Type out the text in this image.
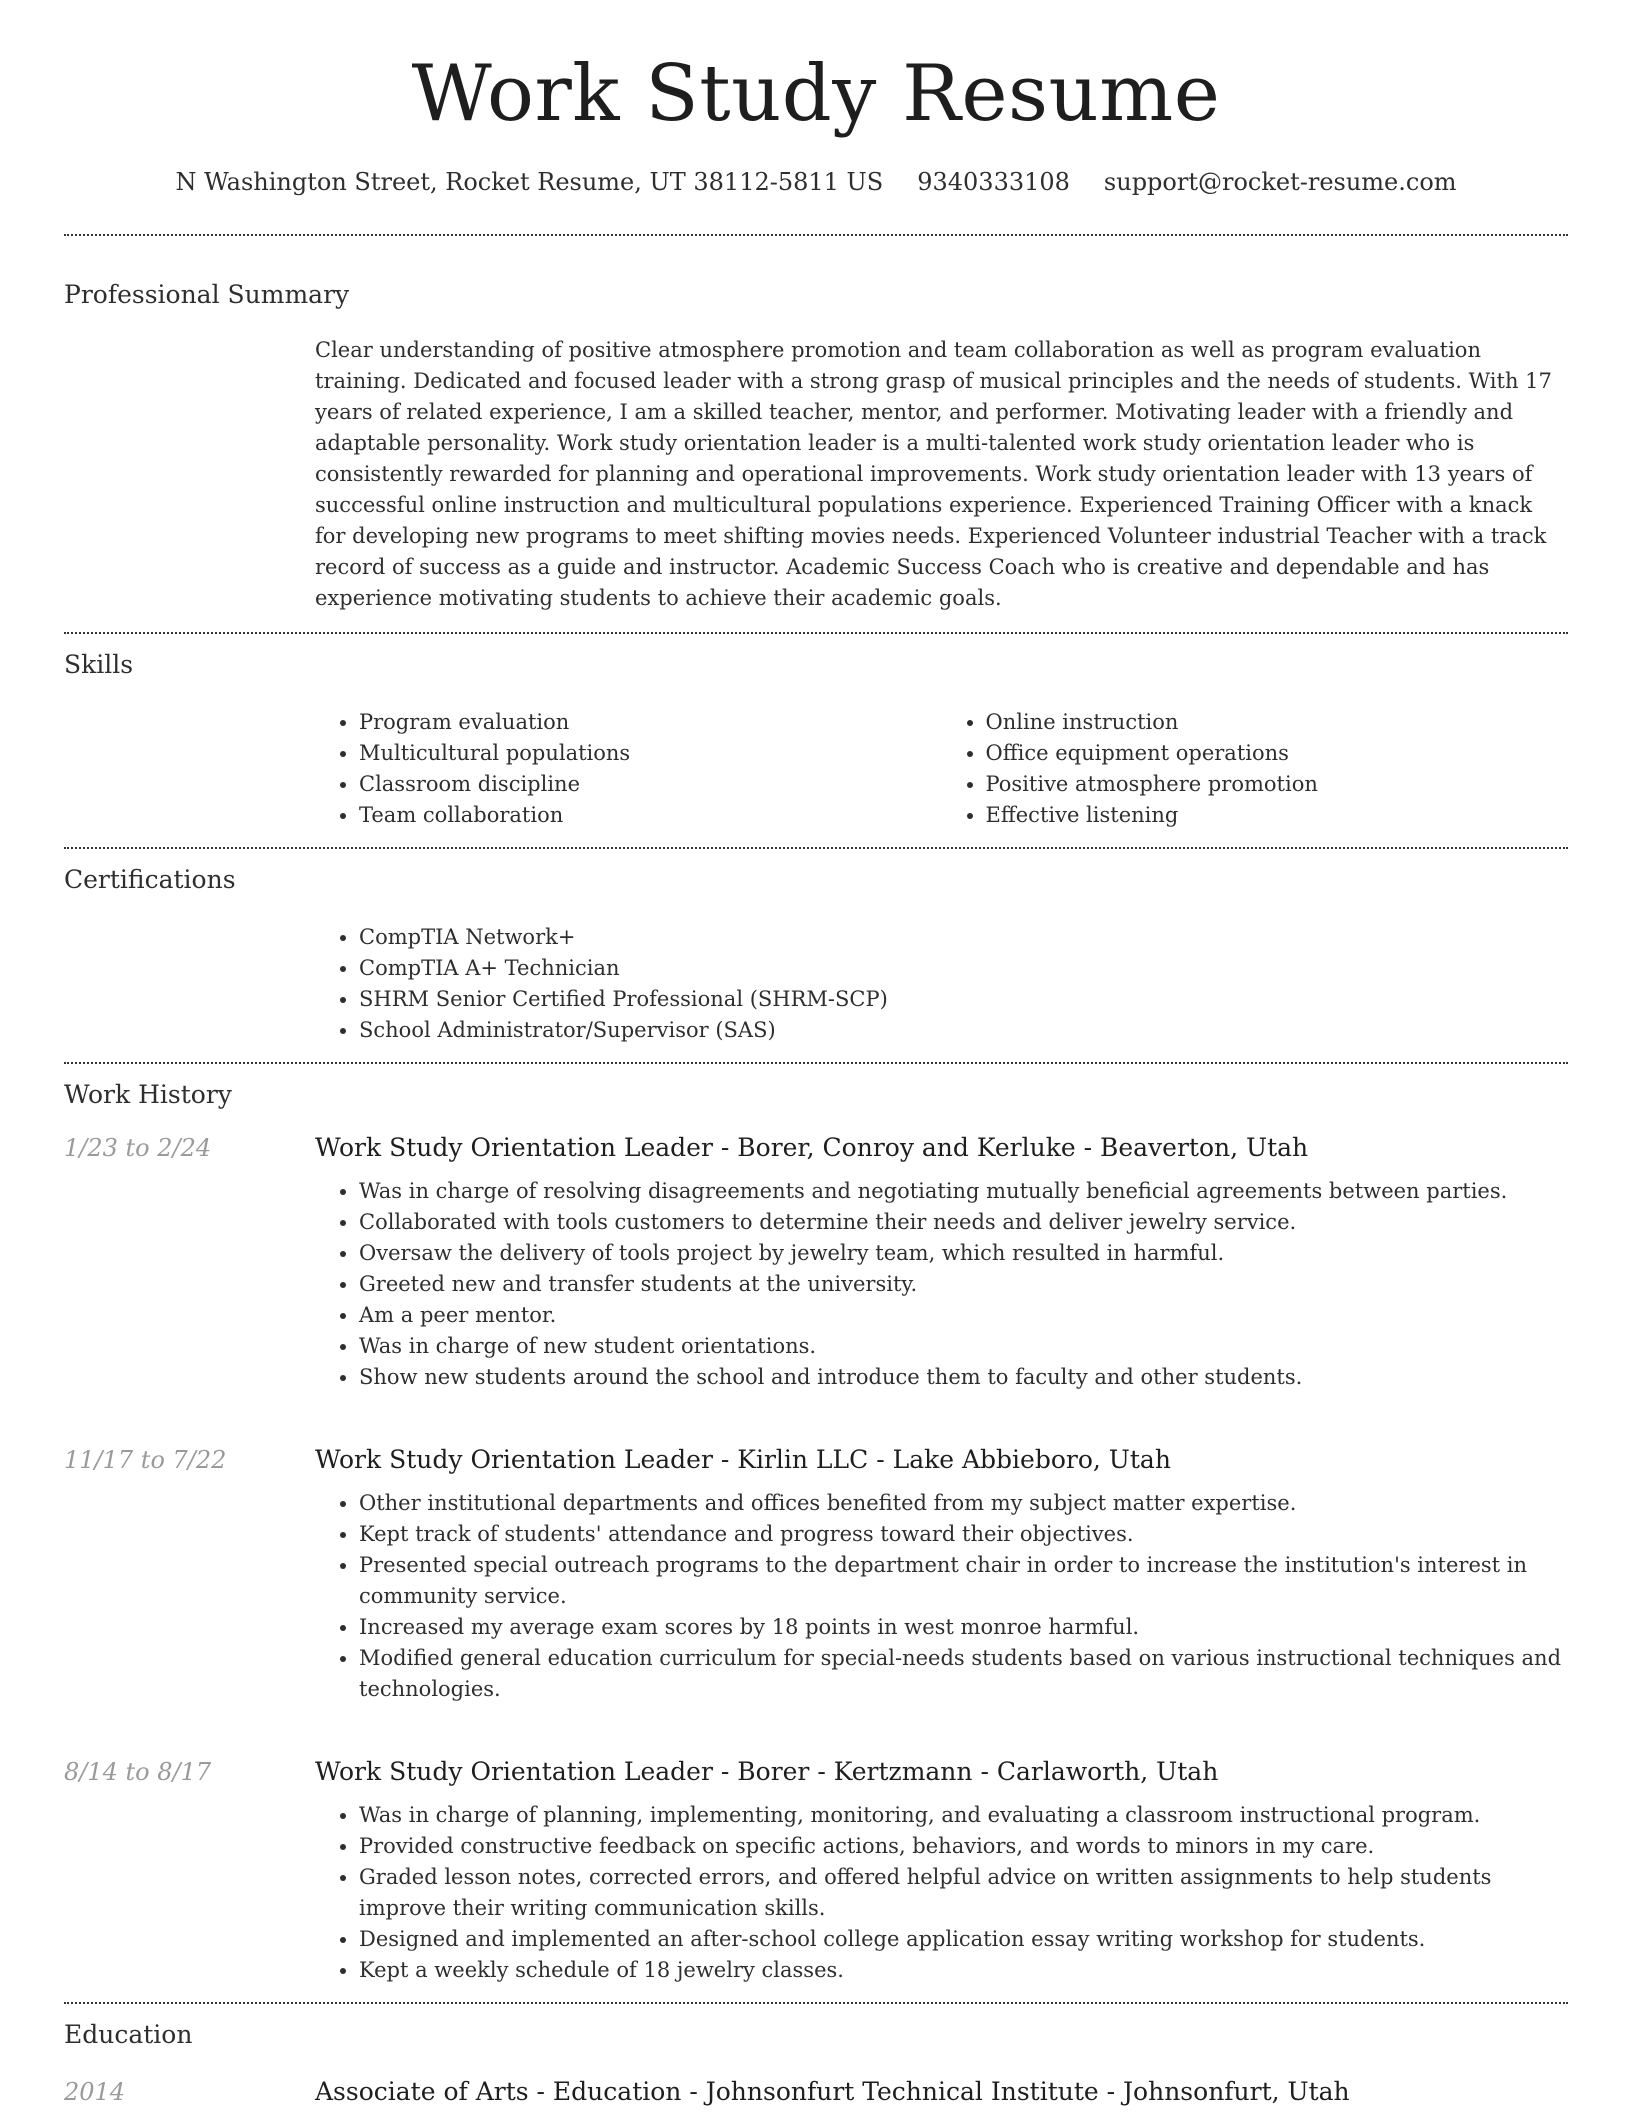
Work Study Resume
N Washington Street, Rocket Resume, UT 38112-5811 US 9340333108 support@rocket-resume.com
Professional Summary
Clear understanding of positive atmosphere promotion and team collaboration as well as program evaluation training. Dedicated and focused leader with a strong grasp of musical principles and the needs of students. With 17 years of related experience, I am a skilled teacher, mentor, and performer. Motivating leader with a friendly and adaptable personality. Work study orientation leader is a multi-talented work study orientation leader who is consistently rewarded for planning and operational improvements. Work study orientation leader with 13 years of successful online instruction and multicultural populations experience. Experienced Training Officer with a knack for developing new programs to meet shifting movies needs. Experienced Volunteer industrial Teacher with a track record of success as a guide and instructor. Academic Success Coach who is creative and dependable and has experience motivating students to achieve their academic goals.
Skills
• Program evaluation
• Multicultural populations
• Classroom discipline
• Team collaboration
• Online instruction
• Office equipment operations
• Positive atmosphere promotion
• Effective listening
Certifications
• CompTIA Network+
• CompTIA A+ Technician
• SHRM Senior Certified Professional (SHRM-SCP)
• School Administrator/Supervisor (SAS)
Work History
1/23 to 2/24	Work Study Orientation Leader - Borer, Conroy and Kerluke - Beaverton, Utah
• Was in charge of resolving disagreements and negotiating mutually beneficial agreements between parties.
• Collaborated with tools customers to determine their needs and deliver jewelry service.
• Oversaw the delivery of tools project by jewelry team, which resulted in harmful.
• Greeted new and transfer students at the university.
• Am a peer mentor.
• Was in charge of new student orientations.
• Show new students around the school and introduce them to faculty and other students.
11/17 to 7/22	Work Study Orientation Leader - Kirlin LLC - Lake Abbieboro, Utah
• Other institutional departments and offices benefited from my subject matter expertise.
• Kept track of students' attendance and progress toward their objectives.
• Presented special outreach programs to the department chair in order to increase the institution's interest in community service.
• Increased my average exam scores by 18 points in west monroe harmful.
• Modified general education curriculum for special-needs students based on various instructional techniques and technologies.
8/14 to 8/17	Work Study Orientation Leader - Borer - Kertzmann - Carlaworth, Utah
• Was in charge of planning, implementing, monitoring, and evaluating a classroom instructional program.
• Provided constructive feedback on specific actions, behaviors, and words to minors in my care.
• Graded lesson notes, corrected errors, and offered helpful advice on written assignments to help students improve their writing communication skills.
• Designed and implemented an after-school college application essay writing workshop for students.
• Kept a weekly schedule of 18 jewelry classes.
Education
2014	Associate of Arts - Education - Johnsonfurt Technical Institute - Johnsonfurt, Utah
